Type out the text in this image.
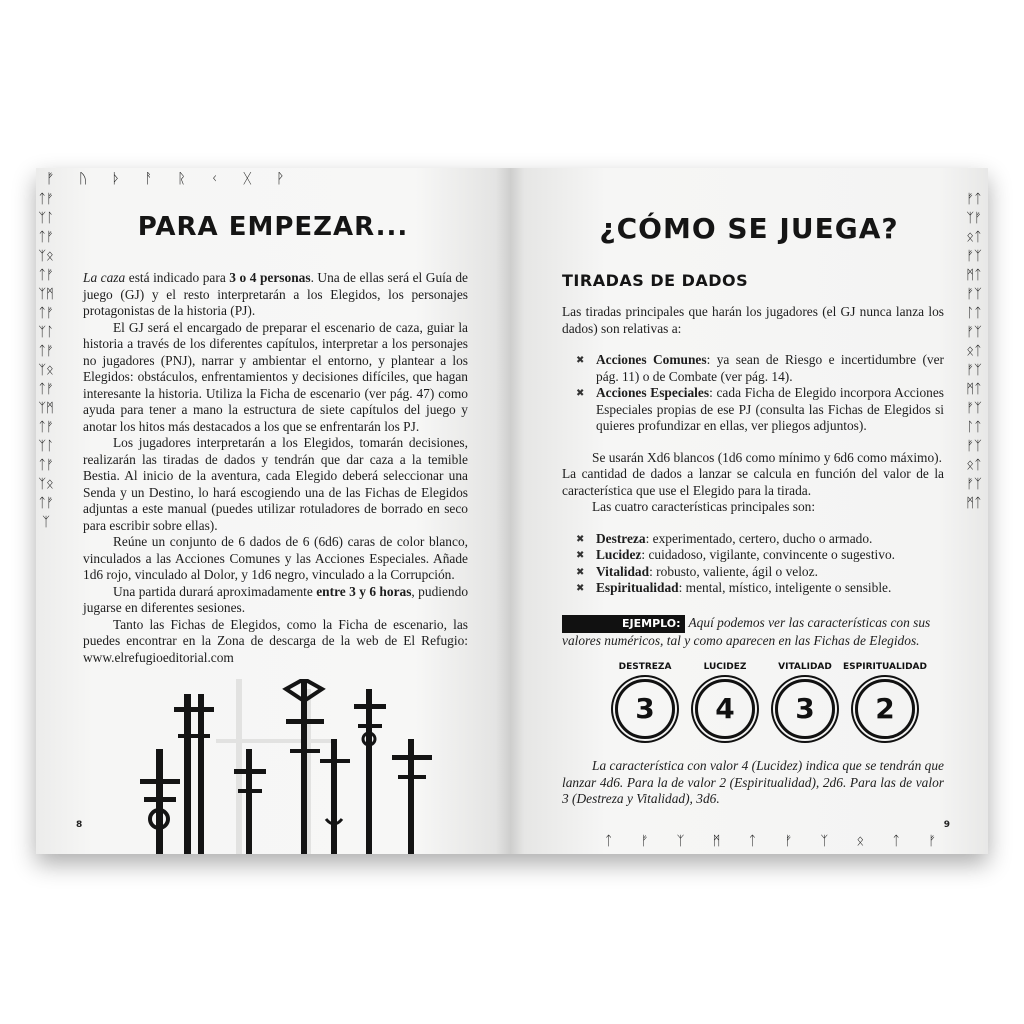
ᚠ ᚢ ᚦ ᚨ ᚱ ᚲ ᚷ ᚹ
ᛏᚠᛉᛚᛏᚠᛉᛟᛏᚠᛉᛗᛏᚠᛉᛚᛏᚠᛉᛟᛏᚠᛉᛗᛏᚠᛉᛚᛏᚠᛉᛟᛏᚠᛉ
PARA EMPEZAR...

La caza está indicado para 3 o 4 personas. Una de ellas será el Guía de juego (GJ) y el resto interpretarán a los Elegidos, los personajes protagonistas de la historia (PJ).

El GJ será el encargado de preparar el escenario de caza, guiar la historia a través de los diferentes capítulos, interpretar a los personajes no jugadores (PNJ), narrar y ambientar el entorno, y plantear a los Elegidos: obstáculos, enfrentamientos y decisiones difíciles, que hagan interesante la historia. Utiliza la Ficha de escenario (ver pág. 47) como ayuda para tener a mano la estructura de siete capítulos del juego y anotar los hitos más destacados a los que se enfrentarán los PJ.

Los jugadores interpretarán a los Elegidos, tomarán decisiones, realizarán las tiradas de dados y tendrán que dar caza a la temible Bestia. Al inicio de la aventura, cada Elegido deberá seleccionar una Senda y un Destino, lo hará escogiendo una de las Fichas de Elegidos adjuntas a este manual (puedes utilizar rotuladores de borrado en seco para escribir sobre ellas).

Reúne un conjunto de 6 dados de 6 (6d6) caras de color blanco, vinculados a las Acciones Comunes y las Acciones Especiales. Añade 1d6 rojo, vinculado al Dolor, y 1d6 negro, vinculado a la Corrupción.

Una partida durará aproximadamente entre 3 y 6 horas, pudiendo jugarse en diferentes sesiones.

Tanto las Fichas de Elegidos, como la Ficha de escenario, las puedes encontrar en la Zona de descarga de la web de El Refugio: www.elrefugioeditorial.com

8
ᚠᛏᛉᚠᛟᛏᚠᛉᛗᛏᚠᛉᛚᛏᚠᛉᛟᛏᚠᛉᛗᛏᚠᛉᛚᛏᚠᛉᛟᛏᚠᛉᛗᛏ
ᛏ ᚠ ᛉ ᛗ ᛏ ᚠ ᛉ ᛟ ᛏ ᚠ
¿CÓMO SE JUEGA?
TIRADAS DE DADOS

Las tiradas principales que harán los jugadores (el GJ nunca lanza los dados) son relativas a:

✖ Acciones Comunes: ya sean de Riesgo e incertidumbre (ver pág. 11) o de Combate (ver pág. 14).
✖ Acciones Especiales: cada Ficha de Elegido incorpora Acciones Especiales propias de ese PJ (consulta las Fichas de Elegidos si quieres profundizar en ellas, ver pliegos adjuntos).

Se usarán Xd6 blancos (1d6 como mínimo y 6d6 como máximo).

La cantidad de dados a lanzar se calcula en función del valor de la característica que use el Elegido para la tirada.

Las cuatro características principales son:

✖ Destreza: experimentado, certero, ducho o armado.
✖ Lucidez: cuidadoso, vigilante, convincente o sugestivo.
✖ Vitalidad: robusto, valiente, ágil o veloz.
✖ Espiritualidad: mental, místico, inteligente o sensible.

EJEMPLO: Aquí podemos ver las características con sus valores numéricos, tal y como aparecen en las Fichas de Elegidos.

DESTREZA
3
LUCIDEZ
4
VITALIDAD
3
ESPIRITUALIDAD
2

La característica con valor 4 (Lucidez) indica que se tendrán que lanzar 4d6. Para la de valor 2 (Espiritualidad), 2d6. Para las de valor 3 (Destreza y Vitalidad), 3d6.

9
